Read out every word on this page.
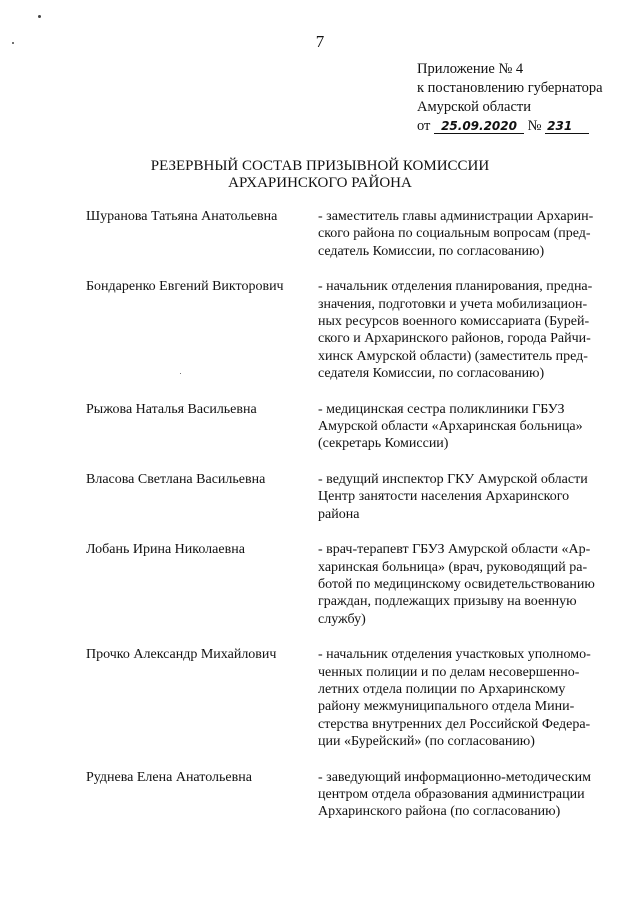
7
Приложение № 4
к постановлению губернатора
Амурской области
от 25.09.2020 № 231
РЕЗЕРВНЫЙ СОСТАВ ПРИЗЫВНОЙ КОМИССИИ
АРХАРИНСКОГО РАЙОНА
Шуранова Татьяна Анатольевна	- заместитель главы администрации Архарин-
ского района по социальным вопросам (пред-
седатель Комиссии, по согласованию)
Бондаренко Евгений Викторович	- начальник отделения планирования, предна-
значения, подготовки и учета мобилизацион-
ных ресурсов военного комиссариата (Бурей-
ского и Архаринского районов, города Райчи-
хинск Амурской области) (заместитель пред-
седателя Комиссии, по согласованию)
Рыжова Наталья Васильевна	- медицинская сестра поликлиники ГБУЗ
Амурской области «Архаринская больница»
(секретарь Комиссии)
Власова Светлана Васильевна	- ведущий инспектор ГКУ Амурской области
Центр занятости населения Архаринского
района
Лобань Ирина Николаевна	- врач-терапевт ГБУЗ Амурской области «Ар-
харинская больница» (врач, руководящий ра-
ботой по медицинскому освидетельствованию
граждан, подлежащих призыву на военную
службу)
Прочко Александр Михайлович	- начальник отделения участковых уполномо-
ченных полиции и по делам несовершенно-
летних отдела полиции по Архаринскому
району межмуниципального отдела Мини-
стерства внутренних дел Российской Федера-
ции «Бурейский» (по согласованию)
Руднева Елена Анатольевна	- заведующий информационно-методическим
центром отдела образования администрации
Архаринского района (по согласованию)
